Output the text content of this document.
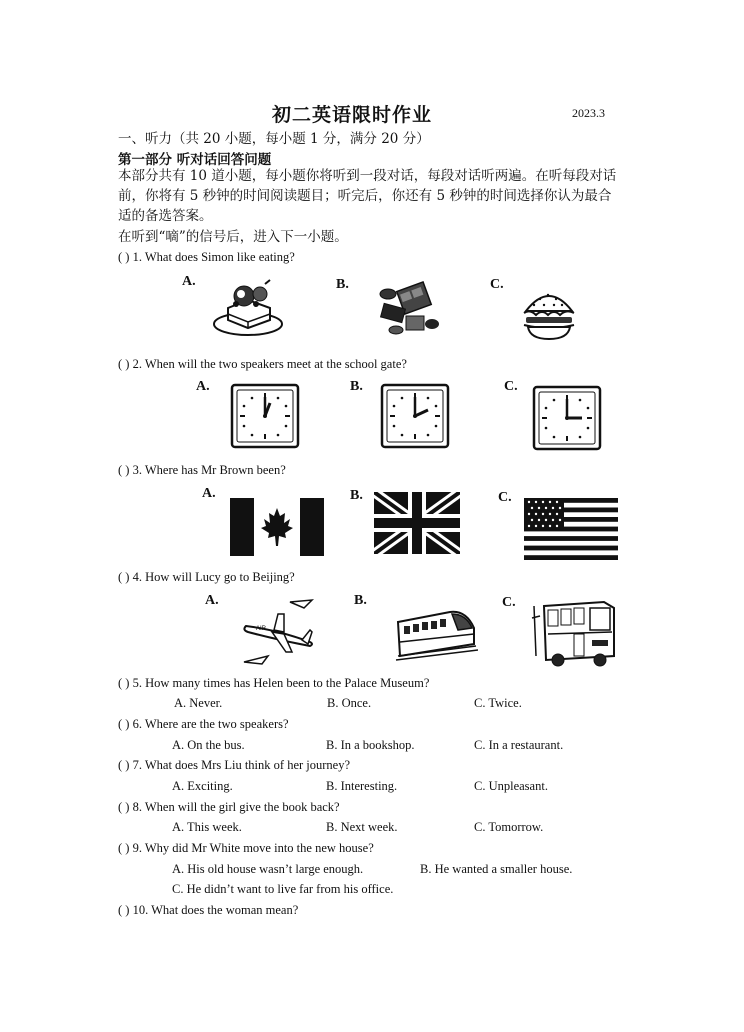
初二英语限时作业	2023.3
一、听力（共 20 小题，每小题 1 分，满分 20 分）
第一部分 听对话回答问题
本部分共有 10 道小题，每小题你将听到一段对话，每段对话听两遍。在听每段对话
前，你将有 5 秒钟的时间阅读题目；听完后，你还有 5 秒钟的时间选择你认为最合
适的备选答案。
在听到“嘀”的信号后，进入下一小题。
( ) 1. What does Simon like eating?
A.	B.	C.
( ) 2. When will the two speakers meet at the school gate?
A.	B.	C.
( ) 3. Where has Mr Brown been?
A.	B.	C.
( ) 4. How will Lucy go to Beijing?
A.	B.	C.
AIR
( ) 5. How many times has Helen been to the Palace Museum?
A. Never.	B. Once.	C. Twice.
( ) 6. Where are the two speakers?
A. On the bus.	B. In a bookshop.	C. In a restaurant.
( ) 7. What does Mrs Liu think of her journey?
A. Exciting.	B. Interesting.	C. Unpleasant.
( ) 8. When will the girl give the book back?
A. This week.	B. Next week.	C. Tomorrow.
( ) 9. Why did Mr White move into the new house?
A. His old house wasn’t large enough.	B. He wanted a smaller house.
C. He didn’t want to live far from his office.
( ) 10. What does the woman mean?
